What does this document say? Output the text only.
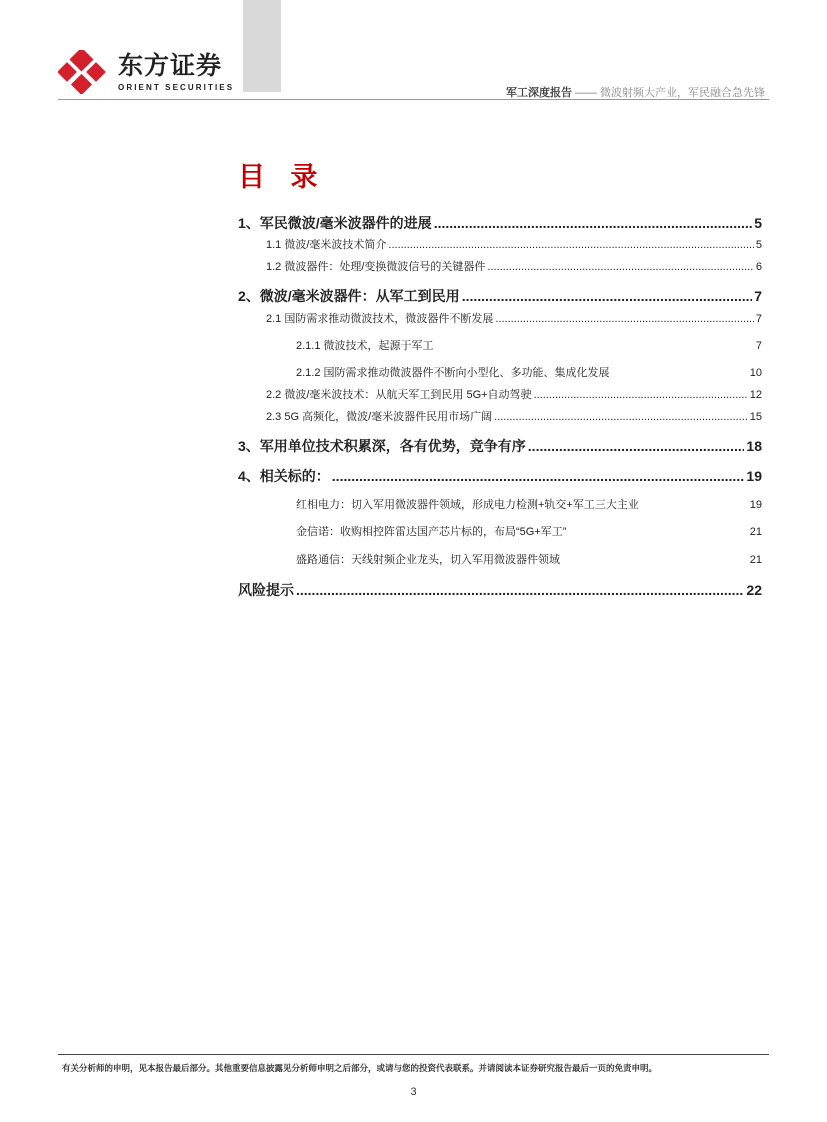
东方证券
ORIENT SECURITIES	军工深度报告 —— 微波射频大产业，军民融合急先锋
目 录
1、军民微波/毫米波器件的进展 .....	5
1.1 微波/毫米波技术简介 .....	5
1.2 微波器件：处理/变换微波信号的关键器件 .....	6
2、微波/毫米波器件：从军工到民用 .....	7
2.1 国防需求推动微波技术，微波器件不断发展 .....	7
2.1.1 微波技术，起源于军工	7
2.1.2 国防需求推动微波器件不断向小型化、多功能、集成化发展	10
2.2 微波/毫米波技术：从航天军工到民用 5G+自动驾驶 .....	12
2.3 5G 高频化，微波/毫米波器件民用市场广阔 .....	15
3、军用单位技术积累深，各有优势，竞争有序 .....	18
4、相关标的： .....	19
红相电力：切入军用微波器件领域，形成电力检测+轨交+军工三大主业	19
金信诺：收购相控阵雷达国产芯片标的，布局“5G+军工”	21
盛路通信：天线射频企业龙头，切入军用微波器件领域	21
风险提示 .....	22
有关分析师的申明，见本报告最后部分。其他重要信息披露见分析师申明之后部分，或请与您的投资代表联系。并请阅读本证券研究报告最后一页的免责申明。
3
